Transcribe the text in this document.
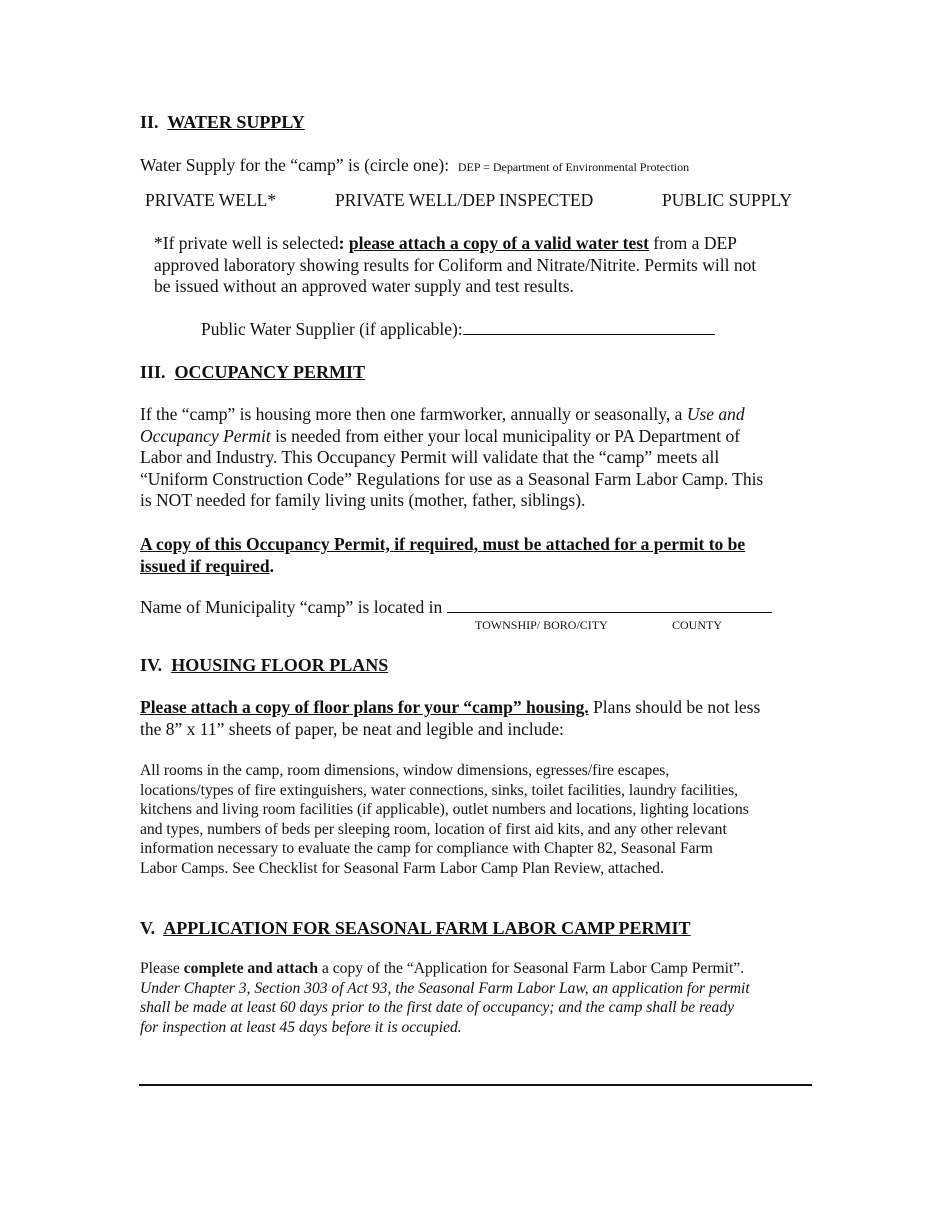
II. WATER SUPPLY

Water Supply for the “camp” is (circle one): DEP = Department of Environmental Protection

PRIVATE WELL*	PRIVATE WELL/DEP INSPECTED	PUBLIC SUPPLY

*If private well is selected: please attach a copy of a valid water test from a DEP
approved laboratory showing results for Coliform and Nitrate/Nitrite. Permits will not
be issued without an approved water supply and test results.

Public Water Supplier (if applicable):

III. OCCUPANCY PERMIT

If the “camp” is housing more then one farmworker, annually or seasonally, a Use and
Occupancy Permit is needed from either your local municipality or PA Department of
Labor and Industry. This Occupancy Permit will validate that the “camp” meets all
“Uniform Construction Code” Regulations for use as a Seasonal Farm Labor Camp. This
is NOT needed for family living units (mother, father, siblings).
A copy of this Occupancy Permit, if required, must be attached for a permit to be
issued if required.

Name of Municipality “camp” is located in

TOWNSHIP/ BORO/CITY	COUNTY

IV. HOUSING FLOOR PLANS

Please attach a copy of floor plans for your “camp” housing. Plans should be not less
the 8” x 11” sheets of paper, be neat and legible and include:
All rooms in the camp, room dimensions, window dimensions, egresses/fire escapes,
locations/types of fire extinguishers, water connections, sinks, toilet facilities, laundry facilities,
kitchens and living room facilities (if applicable), outlet numbers and locations, lighting locations
and types, numbers of beds per sleeping room, location of first aid kits, and any other relevant
information necessary to evaluate the camp for compliance with Chapter 82, Seasonal Farm
Labor Camps. See Checklist for Seasonal Farm Labor Camp Plan Review, attached.

V. APPLICATION FOR SEASONAL FARM LABOR CAMP PERMIT

Please complete and attach a copy of the “Application for Seasonal Farm Labor Camp Permit”.
Under Chapter 3, Section 303 of Act 93, the Seasonal Farm Labor Law, an application for permit
shall be made at least 60 days prior to the first date of occupancy; and the camp shall be ready
for inspection at least 45 days before it is occupied.
